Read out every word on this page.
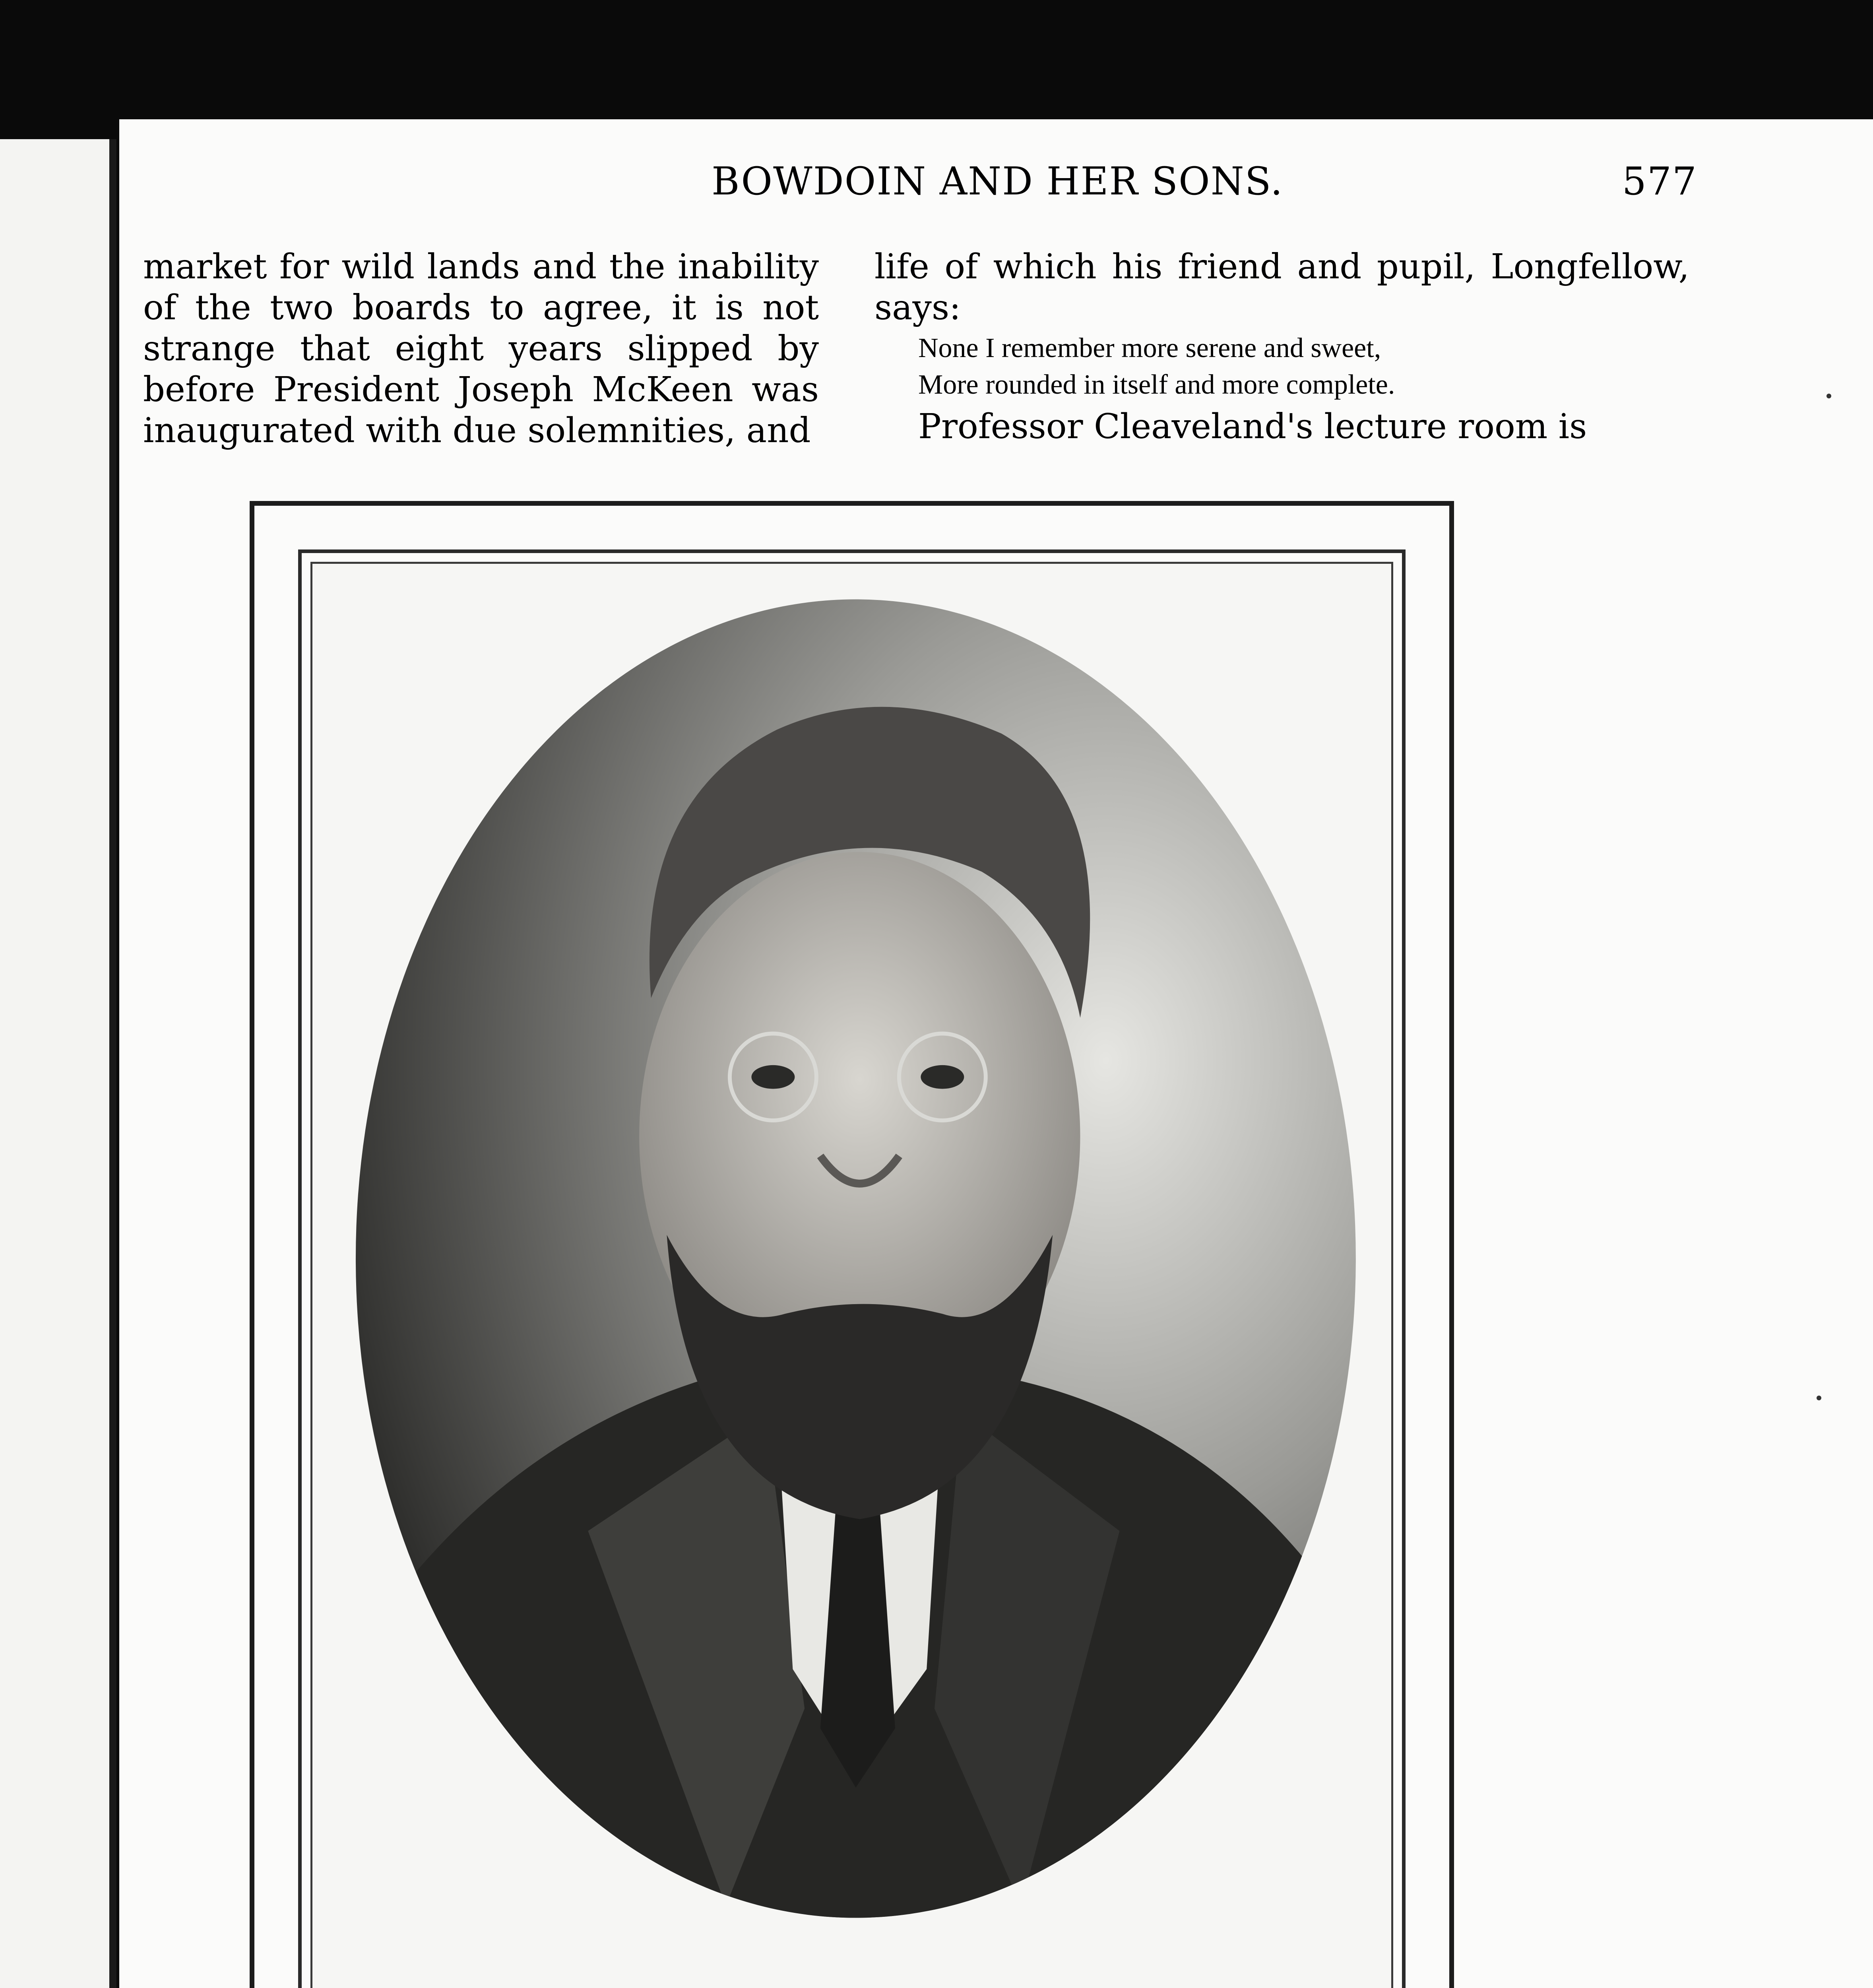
BOWDOIN AND HER SONS.	577

market for wild lands and the inability of the two boards to agree, it is not strange that eight years slipped by before President Joseph McKeen was inaugurated with due solemnities, and

life of which his friend and pupil, Longfellow, says:

None I remember more serene and sweet,
More rounded in itself and more complete.

Professor Cleaveland's lecture room is
